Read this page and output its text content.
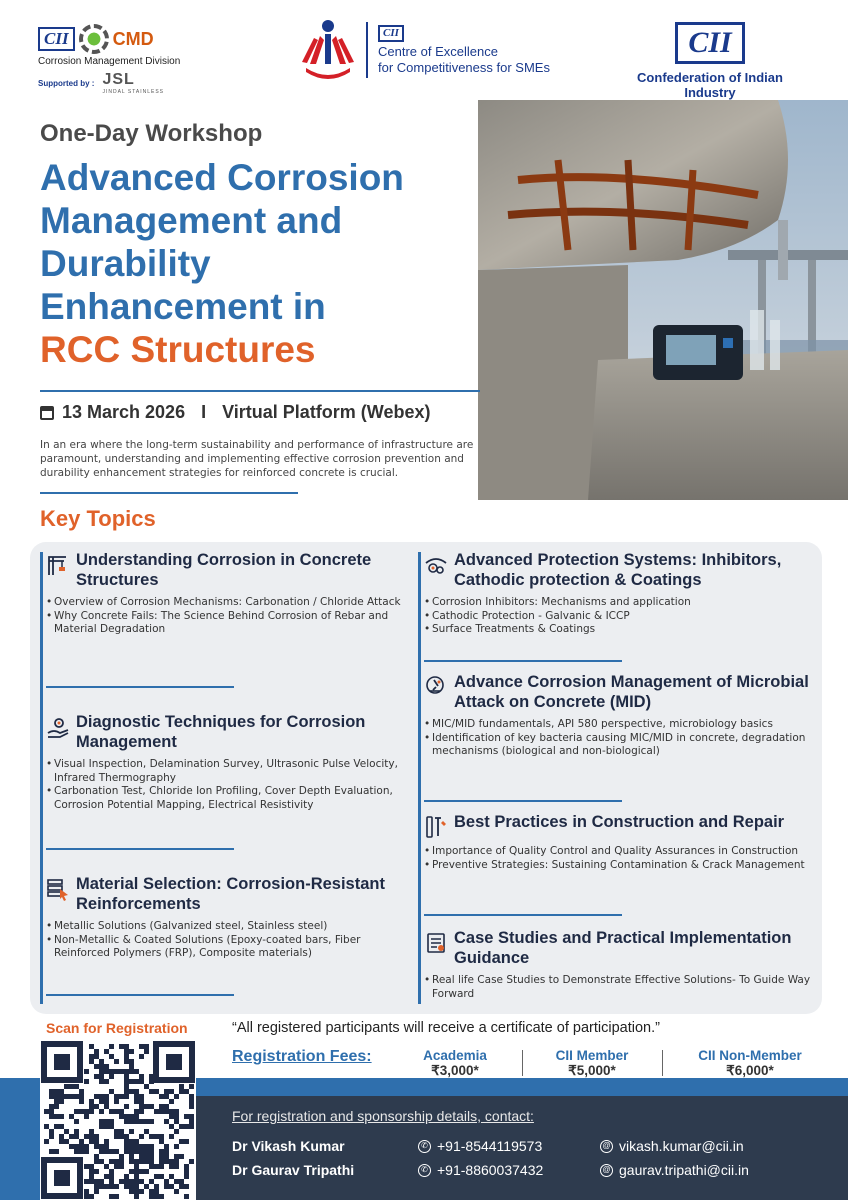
CII	CMD
Corrosion Management Division
Supported by : JSL
JINDAL STAINLESS
CII
Centre of Excellence
for Competitiveness for SMEs
CII
Confederation of Indian Industry
One-Day Workshop
Advanced Corrosion
Management and
Durability
Enhancement in
RCC Structures
13 March 2026 I Virtual Platform (Webex)
In an era where the long-term sustainability and performance of infrastructure are paramount, understanding and implementing effective corrosion prevention and durability enhancement strategies for reinforced concrete is crucial.
Key Topics
Understanding Corrosion in Concrete Structures
• Overview of Corrosion Mechanisms: Carbonation / Chloride Attack
• Why Concrete Fails: The Science Behind Corrosion of Rebar and Material Degradation
Diagnostic Techniques for Corrosion Management
• Visual Inspection, Delamination Survey, Ultrasonic Pulse Velocity, Infrared Thermography
• Carbonation Test, Chloride Ion Profiling, Cover Depth Evaluation, Corrosion Potential Mapping, Electrical Resistivity
Material Selection: Corrosion-Resistant Reinforcements
• Metallic Solutions (Galvanized steel, Stainless steel)
• Non-Metallic & Coated Solutions (Epoxy-coated bars, Fiber Reinforced Polymers (FRP), Composite materials)
Advanced Protection Systems: Inhibitors, Cathodic protection & Coatings
• Corrosion Inhibitors: Mechanisms and application
• Cathodic Protection - Galvanic & ICCP
• Surface Treatments & Coatings
Advance Corrosion Management of Microbial Attack on Concrete (MID)
• MIC/MID fundamentals, API 580 perspective, microbiology basics
• Identification of key bacteria causing MIC/MID in concrete, degradation mechanisms (biological and non-biological)
Best Practices in Construction and Repair
• Importance of Quality Control and Quality Assurances in Construction
• Preventive Strategies: Sustaining Contamination & Crack Management
Case Studies and Practical Implementation Guidance
• Real life Case Studies to Demonstrate Effective Solutions- To Guide Way Forward
Scan for Registration	“All registered participants will receive a certificate of participation.”
Registration Fees:	Academia
₹3,000*
CII Member
₹5,000*
CII Non-Member
₹6,000*
For registration and sponsorship details, contact:
Dr Vikash Kumar	✆ +91-8544119573	@ vikash.kumar@cii.in
Dr Gaurav Tripathi	✆ +91-8860037432	@ gaurav.tripathi@cii.in
